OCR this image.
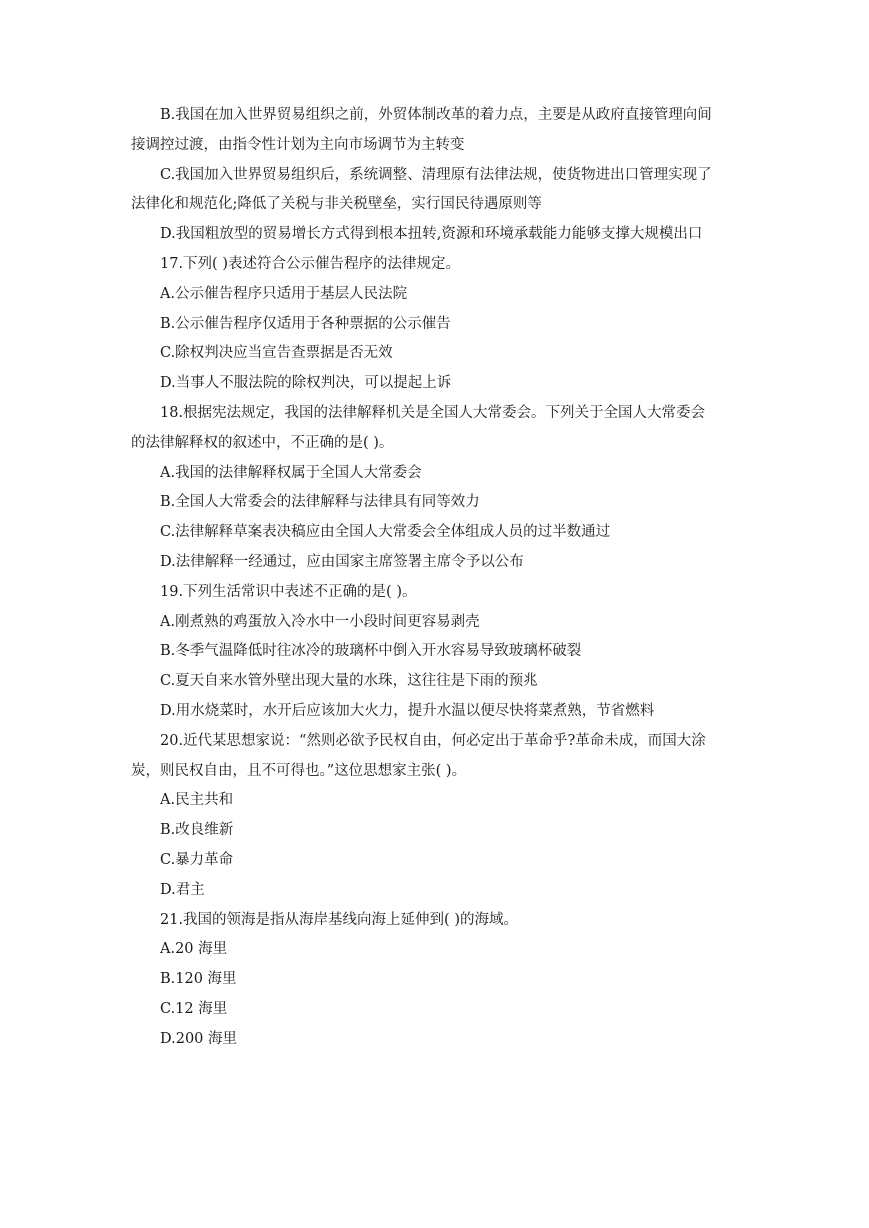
B.我国在加入世界贸易组织之前，外贸体制改革的着力点，主要是从政府直接管理向间
接调控过渡，由指令性计划为主向市场调节为主转变
C.我国加入世界贸易组织后，系统调整、清理原有法律法规，使货物进出口管理实现了
法律化和规范化;降低了关税与非关税壁垒，实行国民待遇原则等
D.我国粗放型的贸易增长方式得到根本扭转,资源和环境承载能力能够支撑大规模出口
17.下列( )表述符合公示催告程序的法律规定。
A.公示催告程序只适用于基层人民法院
B.公示催告程序仅适用于各种票据的公示催告
C.除权判决应当宣告查票据是否无效
D.当事人不服法院的除权判决，可以提起上诉
18.根据宪法规定，我国的法律解释机关是全国人大常委会。下列关于全国人大常委会
的法律解释权的叙述中，不正确的是( )。
A.我国的法律解释权属于全国人大常委会
B.全国人大常委会的法律解释与法律具有同等效力
C.法律解释草案表决稿应由全国人大常委会全体组成人员的过半数通过
D.法律解释一经通过，应由国家主席签署主席令予以公布
19.下列生活常识中表述不正确的是( )。
A.刚煮熟的鸡蛋放入冷水中一小段时间更容易剥壳
B.冬季气温降低时往冰冷的玻璃杯中倒入开水容易导致玻璃杯破裂
C.夏天自来水管外壁出现大量的水珠，这往往是下雨的预兆
D.用水烧菜时，水开后应该加大火力，提升水温以便尽快将菜煮熟，节省燃料
20.近代某思想家说：“然则必欲予民权自由，何必定出于革命乎?革命未成，而国大涂
炭，则民权自由，且不可得也。”这位思想家主张( )。
A.民主共和
B.改良维新
C.暴力革命
D.君主
21.我国的领海是指从海岸基线向海上延伸到( )的海域。
A.20 海里
B.120 海里
C.12 海里
D.200 海里
